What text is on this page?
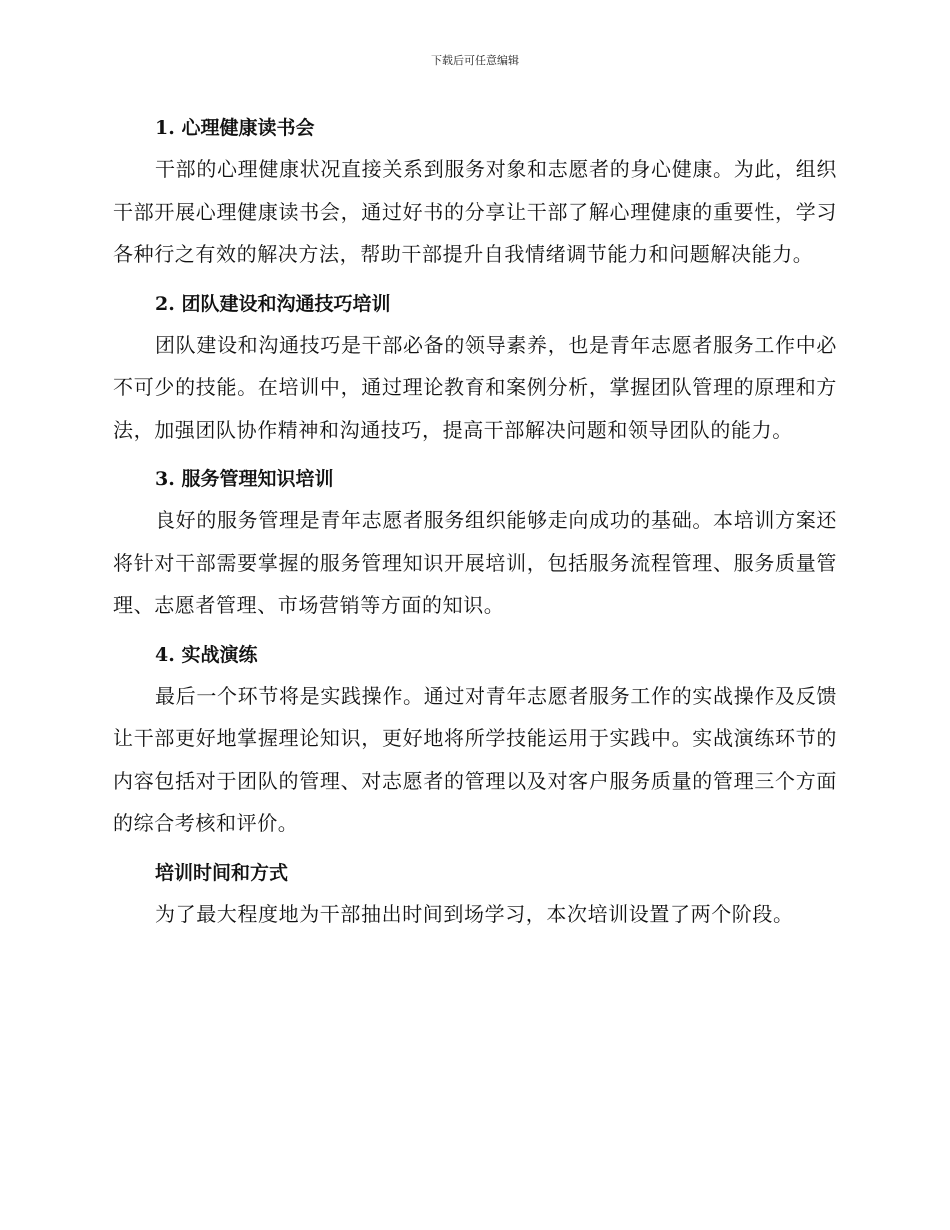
下载后可任意编辑
1. 心理健康读书会

干部的心理健康状况直接关系到服务对象和志愿者的身心健康。为此，组织干部开展心理健康读书会，通过好书的分享让干部了解心理健康的重要性，学习各种行之有效的解决方法，帮助干部提升自我情绪调节能力和问题解决能力。

2. 团队建设和沟通技巧培训

团队建设和沟通技巧是干部必备的领导素养，也是青年志愿者服务工作中必不可少的技能。在培训中，通过理论教育和案例分析，掌握团队管理的原理和方法，加强团队协作精神和沟通技巧，提高干部解决问题和领导团队的能力。

3. 服务管理知识培训

良好的服务管理是青年志愿者服务组织能够走向成功的基础。本培训方案还将针对干部需要掌握的服务管理知识开展培训，包括服务流程管理、服务质量管理、志愿者管理、市场营销等方面的知识。

4. 实战演练

最后一个环节将是实践操作。通过对青年志愿者服务工作的实战操作及反馈让干部更好地掌握理论知识，更好地将所学技能运用于实践中。实战演练环节的内容包括对于团队的管理、对志愿者的管理以及对客户服务质量的管理三个方面的综合考核和评价。

培训时间和方式

为了最大程度地为干部抽出时间到场学习，本次培训设置了两个阶段。
